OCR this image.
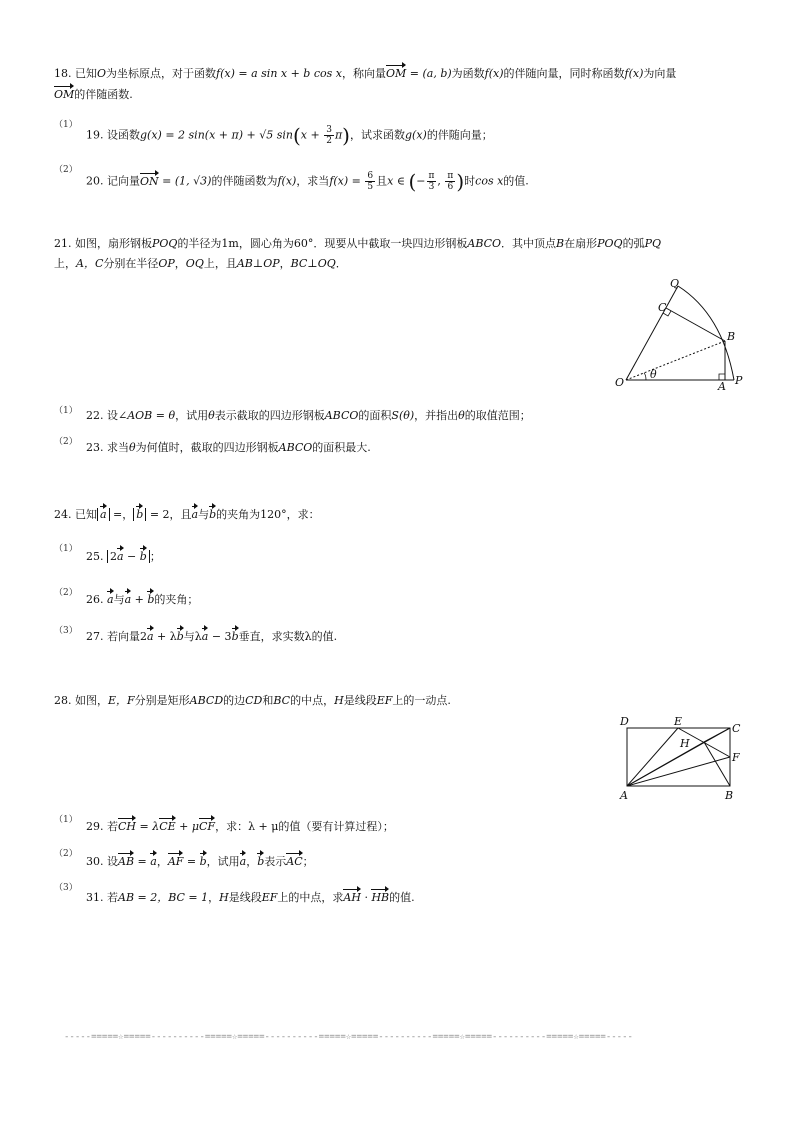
18. 已知O为坐标原点，对于函数f(x) = a sin x + b cos x，称向量OM = (a, b)为函数f(x)的伴随向量，同时称函数f(x)为向量
OM的伴随函数.
（1）
19. 设函数g(x) = 2 sin(x + π) + √5 $\sin(x + \frac{3}{2} \pi)$，试求函数g(x)的伴随向量；
（2）
20. 记向量ON = (1, √3)的伴随函数为f(x)，求当$f(x) = \frac{6}{5}$ 且x ∈ (− $\frac{\pi}{3}$ , $\frac{\pi}{6}$ )时cos x的值.
21. 如图，扇形钢板POQ的半径为1m，圆心角为60°．现要从中截取一块四边形钢板ABCO．其中顶点B在扇形POQ的弧PQ
上，A，C分别在半径OP，OQ上，且AB⊥OP，BC⊥OQ．
Q
C
B
O
θ
A P
（1） 22. 设∠AOB = θ，试用θ表示截取的四边形钢板ABCO的面积S(θ)，并指出θ的取值范围；
（2） 23. 求当θ为何值时，截取的四边形钢板ABCO的面积最大.
24. 已知 a =， b = 2，且a与b的夹角为120°，求：
（1）
25. 2a − b ；
（2） 26. a与a + b的夹角；
（3） 27. 若向量2a + λb与λa − 3b垂直，求实数λ的值.
28. 如图，E，F分别是矩形ABCD的边CD和BC的中点，H是线段EF上的一动点.
D	E
C
H
F
A	B
（1） 29. 若CH = λCE + μCF，求：λ + μ的值（要有计算过程）；
（2）
30. 设AB = a，AF = b，试用a，b表示AC；
（3）
31. 若AB = 2，BC = 1，H是线段EF上的中点，求AH · HB的值.
-----=====☆=====----------=====☆=====----------=====☆=====----------=====☆=====----------=====☆=====-----
